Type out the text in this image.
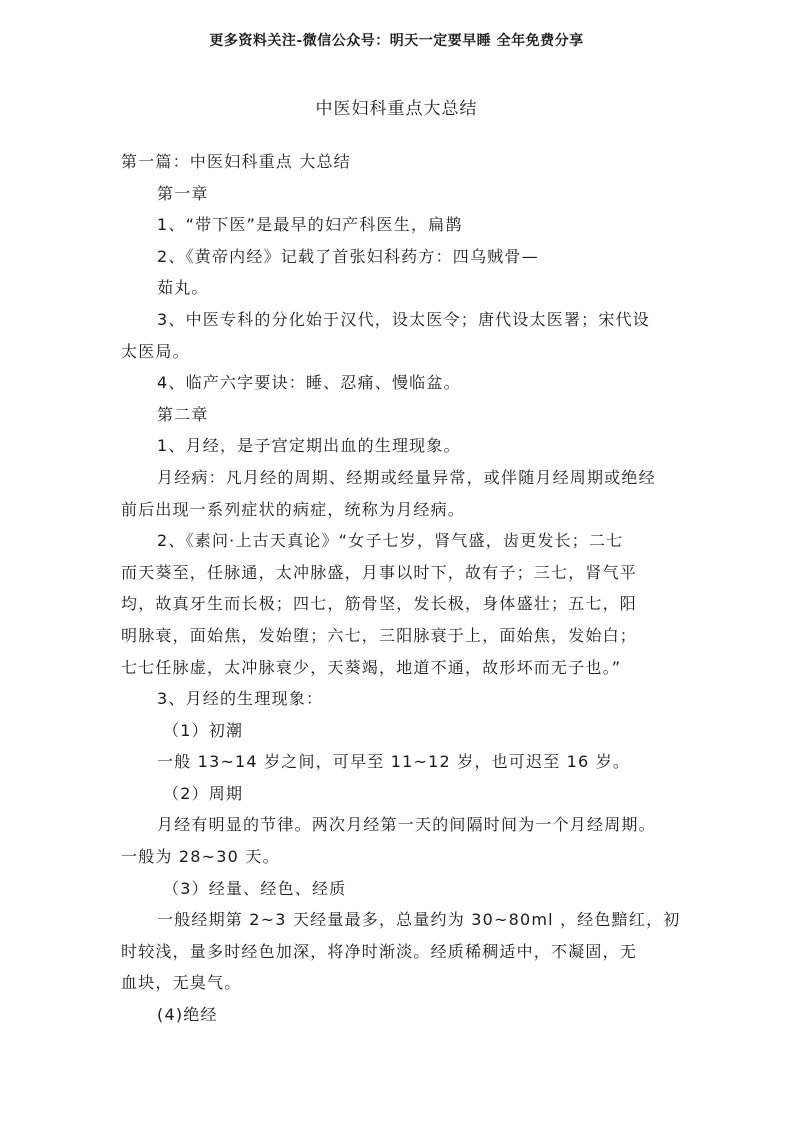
更多资料关注-微信公众号：明天一定要早睡 全年免费分享
中医妇科重点大总结

第一篇：中医妇科重点 大总结

第一章

1、“带下医”是最早的妇产科医生，扁鹊

2、《黄帝内经》记载了首张妇科药方：四乌贼骨—

茹丸。

3、中医专科的分化始于汉代，设太医令；唐代设太医署；宋代设

太医局。

4、临产六字要诀：睡、忍痛、慢临盆。

第二章

1、月经，是子宫定期出血的生理现象。

月经病：凡月经的周期、经期或经量异常，或伴随月经周期或绝经

前后出现一系列症状的病症，统称为月经病。

2、《素问·上古天真论》“女子七岁，肾气盛，齿更发长；二七

而天葵至，任脉通，太冲脉盛，月事以时下，故有子；三七，肾气平

均，故真牙生而长极；四七，筋骨坚，发长极，身体盛壮；五七，阳

明脉衰，面始焦，发始堕；六七，三阳脉衰于上，面始焦，发始白；

七七任脉虚，太冲脉衰少，天葵竭，地道不通，故形坏而无子也。”

3、月经的生理现象：

（1）初潮

一般 13~14 岁之间，可早至 11~12 岁，也可迟至 16 岁。

（2）周期

月经有明显的节律。两次月经第一天的间隔时间为一个月经周期。

一般为 28~30 天。

（3）经量、经色、经质

一般经期第 2~3 天经量最多，总量约为 30~80ml ，经色黯红，初

时较浅，量多时经色加深，将净时渐淡。经质稀稠适中，不凝固，无

血块，无臭气。

(4)绝经
